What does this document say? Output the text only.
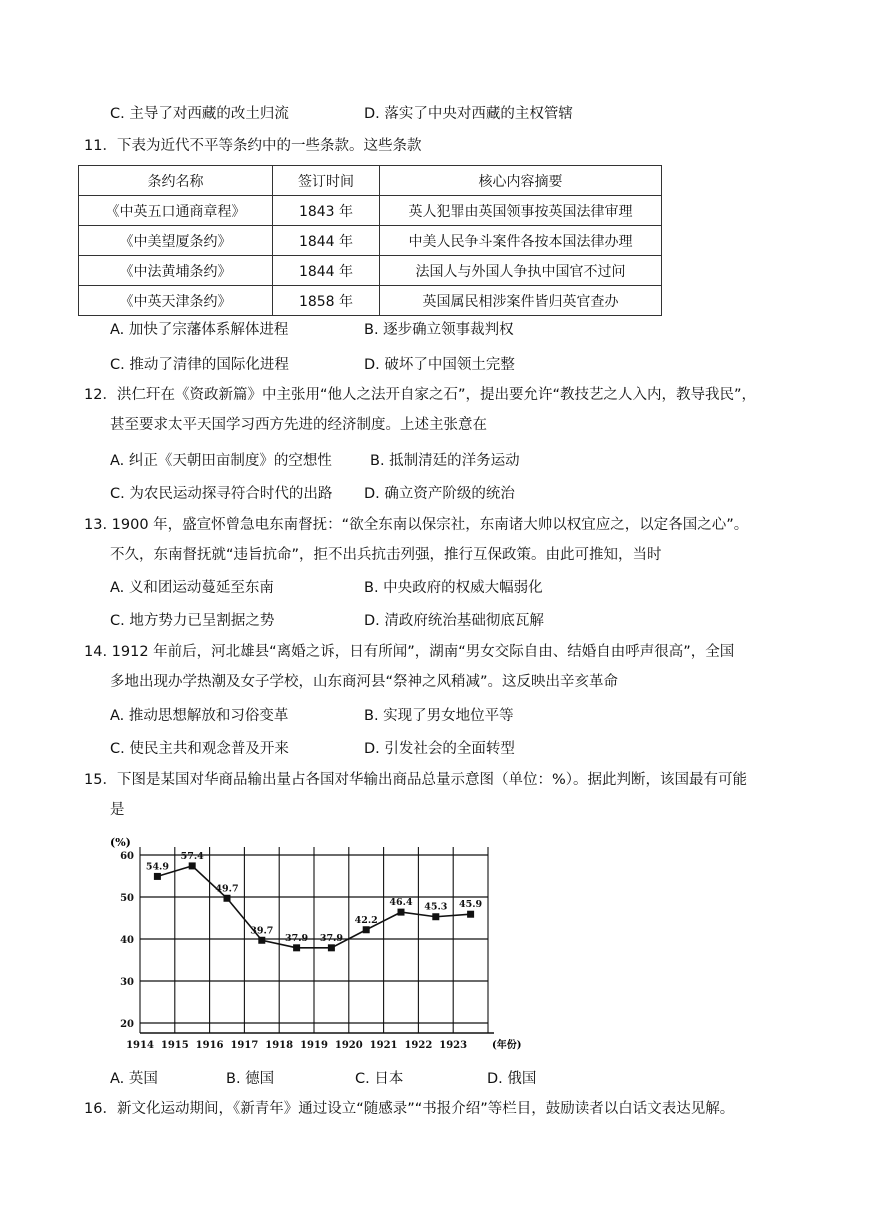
C. 主导了对西藏的改土归流	D. 落实了中央对西藏的主权管辖
11．下表为近代不平等条约中的一些条款。这些条款
条约名称	签订时间	核心内容摘要
《中英五口通商章程》	1843 年	英人犯罪由英国领事按英国法律审理
《中美望厦条约》	1844 年	中美人民争斗案件各按本国法律办理
《中法黄埔条约》	1844 年	法国人与外国人争执中国官不过问
《中英天津条约》	1858 年	英国属民相涉案件皆归英官查办
A. 加快了宗藩体系解体进程	B. 逐步确立领事裁判权
C. 推动了清律的国际化进程	D. 破坏了中国领土完整
12．洪仁玕在《资政新篇》中主张用“他人之法开自家之石”，提出要允许“教技艺之人入内，教导我民”，
甚至要求太平天国学习西方先进的经济制度。上述主张意在
A. 纠正《天朝田亩制度》的空想性	B. 抵制清廷的洋务运动
C. 为农民运动探寻符合时代的出路 D. 确立资产阶级的统治
13. 1900 年，盛宣怀曾急电东南督抚：“欲全东南以保宗社，东南诸大帅以权宜应之，以定各国之心”。
不久，东南督抚就“违旨抗命”，拒不出兵抗击列强，推行互保政策。由此可推知，当时
A. 义和团运动蔓延至东南	B. 中央政府的权威大幅弱化
C. 地方势力已呈割据之势	D. 清政府统治基础彻底瓦解
14. 1912 年前后，河北雄县“离婚之诉，日有所闻”，湖南“男女交际自由、结婚自由呼声很高”，全国
多地出现办学热潮及女子学校，山东商河县“祭神之风稍减”。这反映出辛亥革命
A. 推动思想解放和习俗变革	B. 实现了男女地位平等
C. 使民主共和观念普及开来	D. 引发社会的全面转型
15．下图是某国对华商品输出量占各国对华输出商品总量示意图（单位：%）。据此判断，该国最有可能
是
20
30
40
50
60
1914 1915 1916 1917 1918 1919 1920 1921 1922 1923
(%)
(年份)
54.9
57.4
49.7
39.7
37.9 37.9
42.2
46.4 45.3 45.9
A. 英国	B. 德国	C. 日本	D. 俄国
16．新文化运动期间，《新青年》通过设立“随感录”“书报介绍”等栏目，鼓励读者以白话文表达见解。
